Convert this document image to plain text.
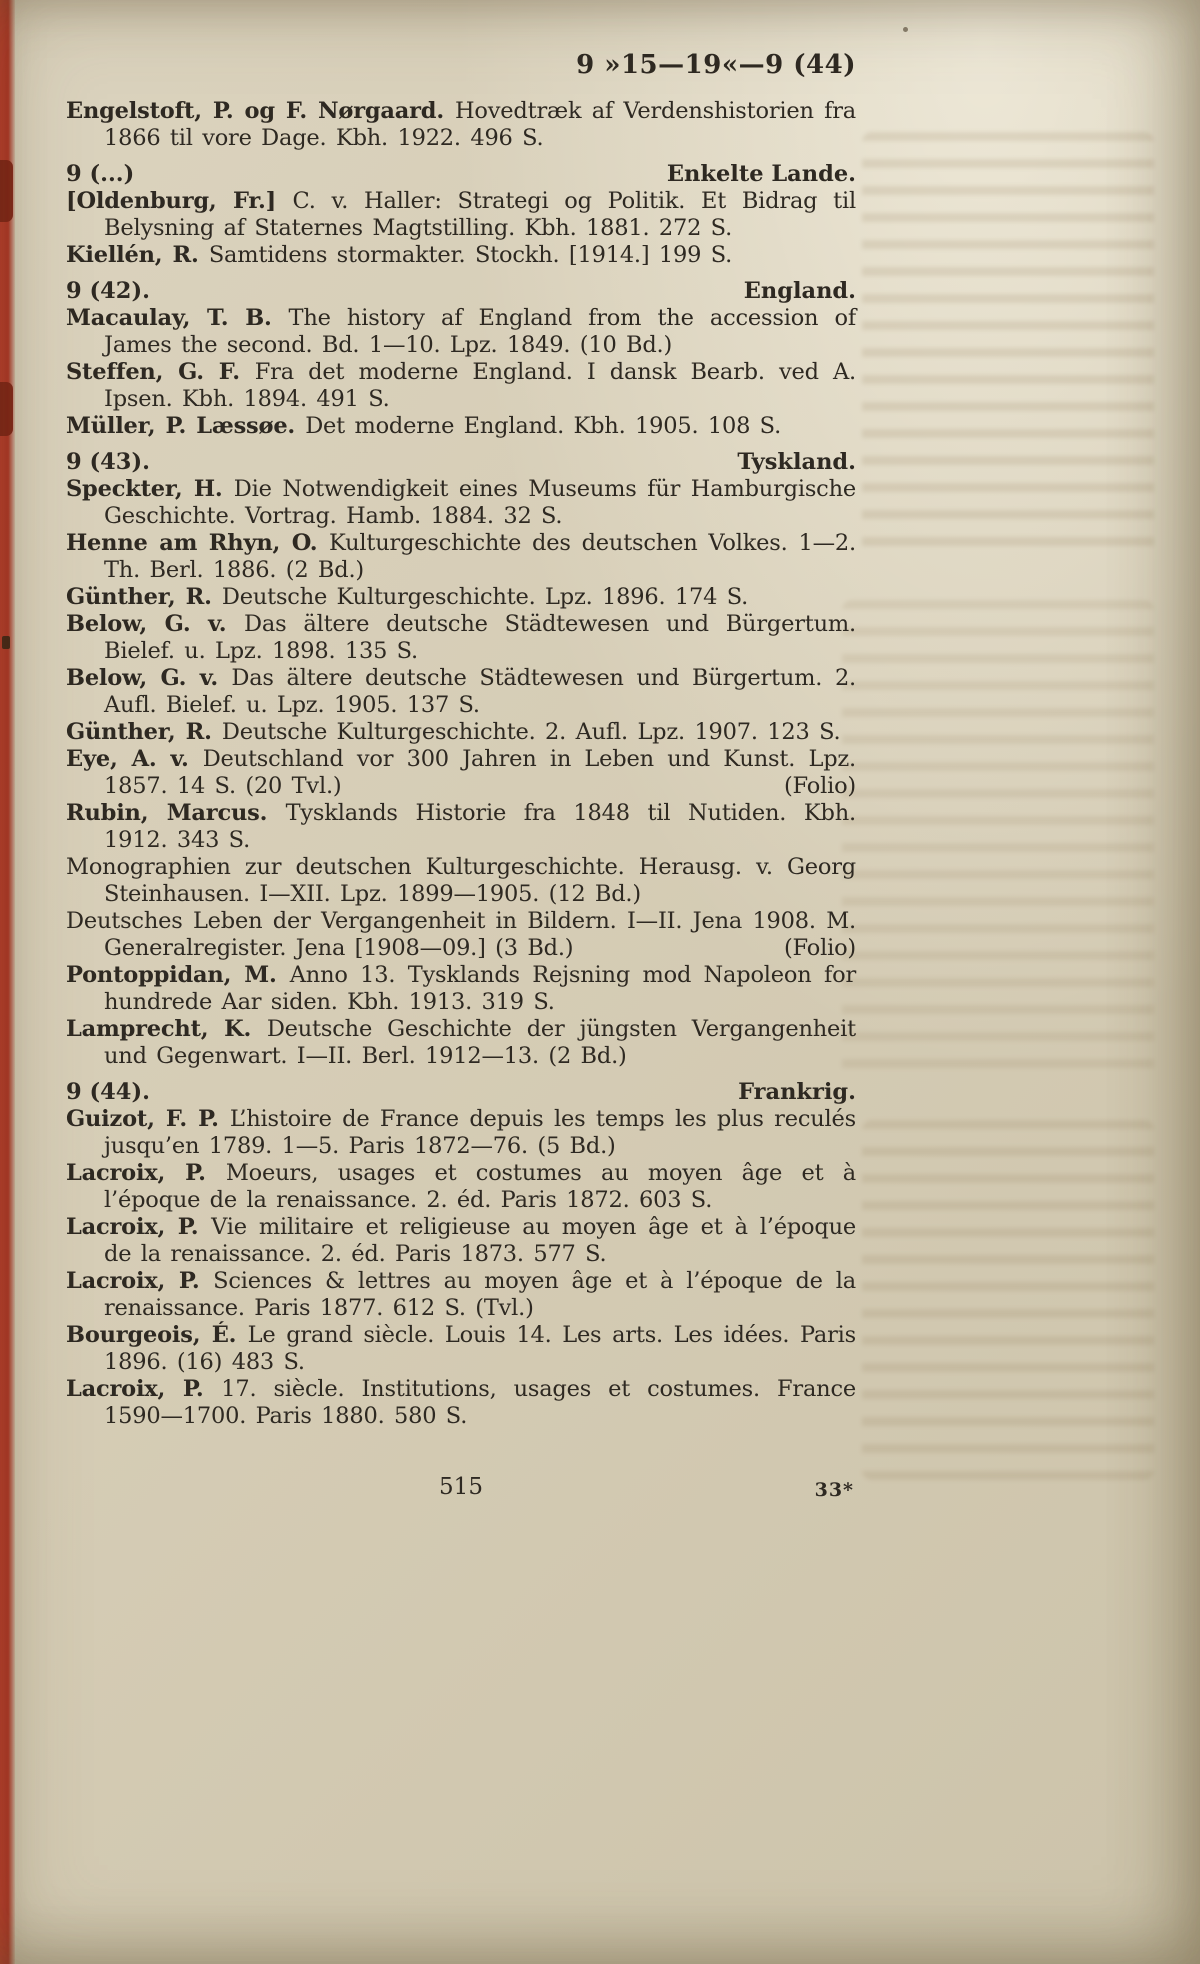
9 »15—19«—9 (44)

Engelstoft, P. og F. Nørgaard. Hovedtræk af Verdenshistorien fra 1866 til vore Dage. Kbh. 1922. 496 S.

9 (...)	Enkelte Lande.

[Oldenburg, Fr.] C. v. Haller: Strategi og Politik. Et Bidrag til Belysning af Staternes Magtstilling. Kbh. 1881. 272 S.

Kiellén, R. Samtidens stormakter. Stockh. [1914.] 199 S.

9 (42).	England.

Macaulay, T. B. The history af England from the accession of James the second. Bd. 1—10. Lpz. 1849. (10 Bd.)

Steffen, G. F. Fra det moderne England. I dansk Bearb. ved A. Ipsen. Kbh. 1894. 491 S.

Müller, P. Læssøe. Det moderne England. Kbh. 1905. 108 S.

9 (43).	Tyskland.

Speckter, H. Die Notwendigkeit eines Museums für Hamburgische Geschichte. Vortrag. Hamb. 1884. 32 S.

Henne am Rhyn, O. Kulturgeschichte des deutschen Volkes. 1—2. Th. Berl. 1886. (2 Bd.)

Günther, R. Deutsche Kulturgeschichte. Lpz. 1896. 174 S.

Below, G. v. Das ältere deutsche Städtewesen und Bürgertum. Bielef. u. Lpz. 1898. 135 S.

Below, G. v. Das ältere deutsche Städtewesen und Bürgertum. 2. Aufl. Bielef. u. Lpz. 1905. 137 S.

Günther, R. Deutsche Kulturgeschichte. 2. Aufl. Lpz. 1907. 123 S.

Eye, A. v. Deutschland vor 300 Jahren in Leben und Kunst. Lpz. 1857. 14 S. (20 Tvl.)	(Folio)

Rubin, Marcus. Tysklands Historie fra 1848 til Nutiden. Kbh. 1912. 343 S.

Monographien zur deutschen Kulturgeschichte. Herausg. v. Georg Steinhausen. I—XII. Lpz. 1899—1905. (12 Bd.)

Deutsches Leben der Vergangenheit in Bildern. I—II. Jena 1908. M. Generalregister. Jena [1908—09.] (3 Bd.)	(Folio)

Pontoppidan, M. Anno 13. Tysklands Rejsning mod Napoleon for hundrede Aar siden. Kbh. 1913. 319 S.

Lamprecht, K. Deutsche Geschichte der jüngsten Vergangenheit und Gegenwart. I—II. Berl. 1912—13. (2 Bd.)

9 (44).	Frankrig.

Guizot, F. P. L’histoire de France depuis les temps les plus reculés jusqu’en 1789. 1—5. Paris 1872—76. (5 Bd.)

Lacroix, P. Moeurs, usages et costumes au moyen âge et à l’époque de la renaissance. 2. éd. Paris 1872. 603 S.

Lacroix, P. Vie militaire et religieuse au moyen âge et à l’époque de la renaissance. 2. éd. Paris 1873. 577 S.

Lacroix, P. Sciences & lettres au moyen âge et à l’époque de la renaissance. Paris 1877. 612 S. (Tvl.)

Bourgeois, É. Le grand siècle. Louis 14. Les arts. Les idées. Paris 1896. (16) 483 S.

Lacroix, P. 17. siècle. Institutions, usages et costumes. France 1590—1700. Paris 1880. 580 S.

515	33*
